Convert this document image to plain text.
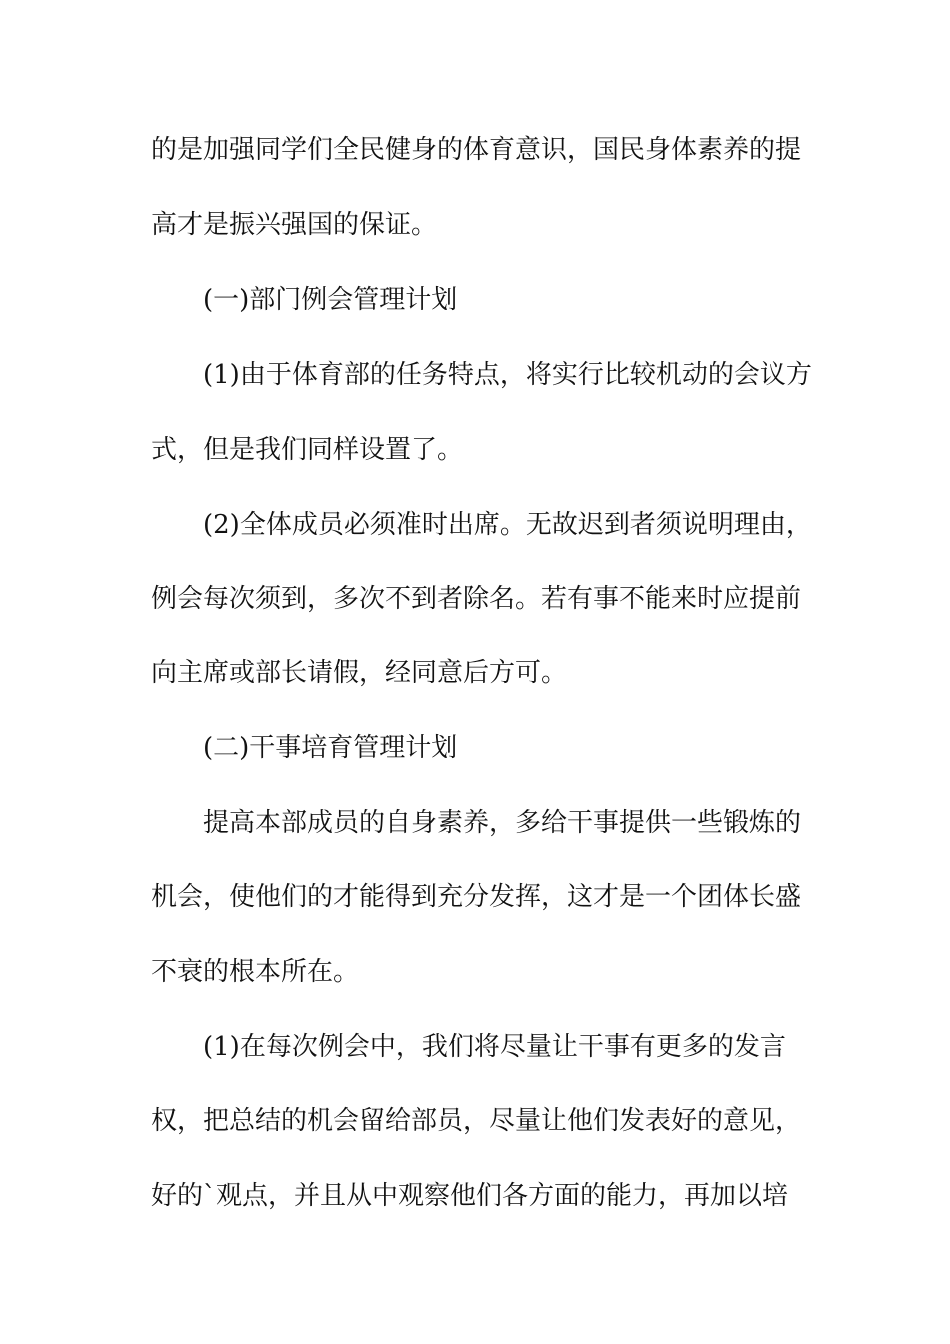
的是加强同学们全民健身的体育意识，国民身体素养的提
高才是振兴强国的保证。
(一)部门例会管理计划
(1)由于体育部的任务特点，将实行比较机动的会议方
式，但是我们同样设置了。
(2)全体成员必须准时出席。无故迟到者须说明理由，
例会每次须到，多次不到者除名。若有事不能来时应提前
向主席或部长请假，经同意后方可。
(二)干事培育管理计划
提高本部成员的自身素养，多给干事提供一些锻炼的
机会，使他们的才能得到充分发挥，这才是一个团体长盛
不衰的根本所在。
(1)在每次例会中，我们将尽量让干事有更多的发言
权，把总结的机会留给部员，尽量让他们发表好的意见，
好的`观点，并且从中观察他们各方面的能力，再加以培
